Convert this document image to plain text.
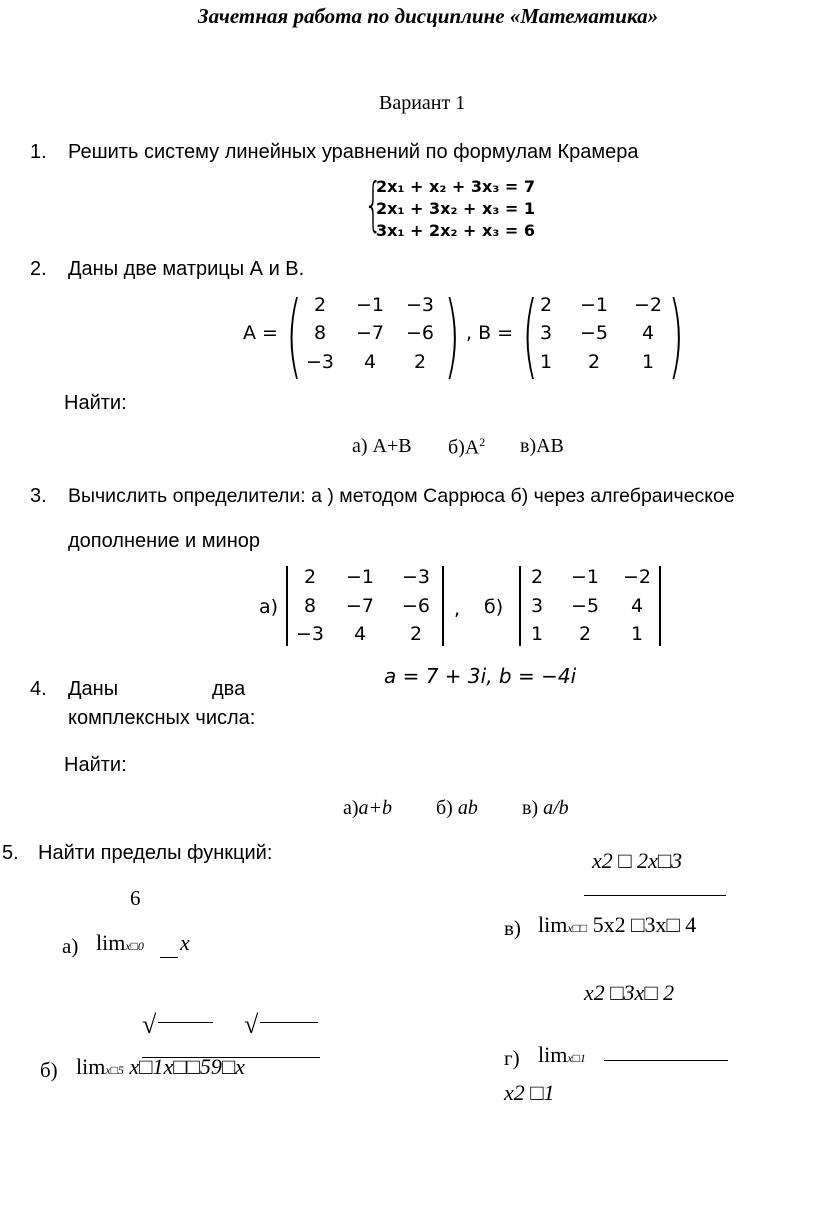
Зачетная работа по дисциплине «Математика»
Вариант 1
1. Решить систему линейных уравнений по формулам Крамера
{
2x₁ + x₂ + 3x₃ = 7
2x₁ + 3x₂ + x₃ = 1
3x₁ + 2x₂ + x₃ = 6
2. Даны две матрицы А и В.
A = ( )
2	−1	−3
8	−7	−6
−3	4	2
, B = ( )
2	−1	−2
3	−5	4
1	2	1
Найти:
а) А+В $б)А^2$ в)АВ
3. Вычислить определители: а ) методом Саррюса б) через алгебраическое
дополнение и минор
а)
2	−1	−3
8	−7	−6
−3	4	2
, б)
2	−1	−2
3	−5	4
1	2	1
4. Даны	два
комплексных числа:
a = 7 + 3i, b = −4i
Найти:
а)a+b б) ab в) a/b
5. Найти пределы функций:
6
а) limx□0 x
√	√
б) limx□5 x□1x□□59□x
x2 □ 2x□3
в) limx□□ 5x2 □3x□ 4
x2 □3x□ 2
г) limx□1
x2 □1
